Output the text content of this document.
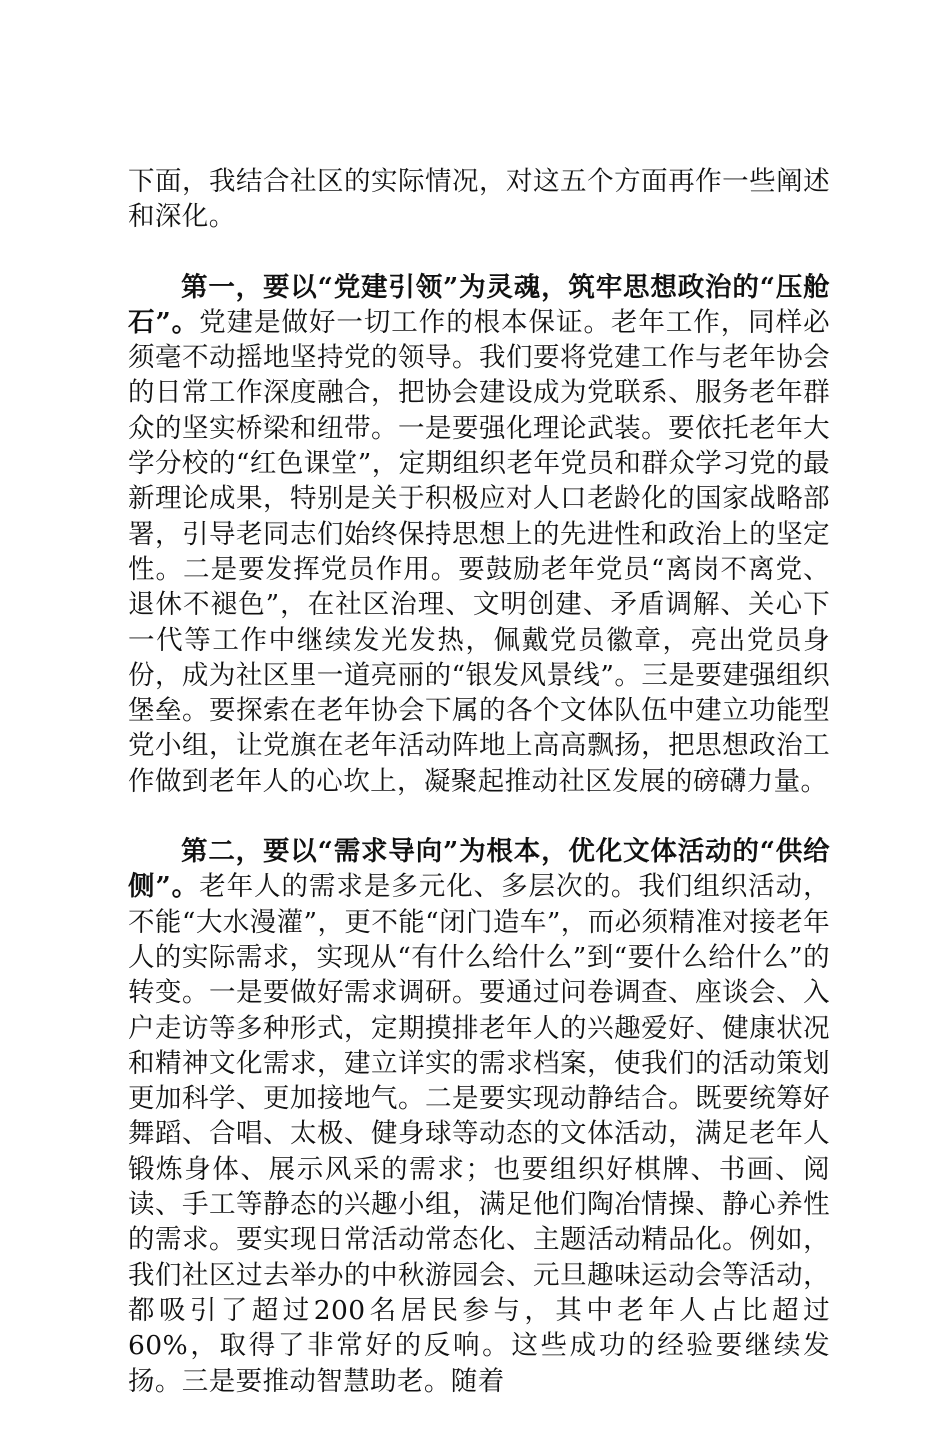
下面，我结合社区的实际情况，对这五个方面再作一些阐述和深化。

第一，要以“党建引领”为灵魂，筑牢思想政治的“压舱石”。党建是做好一切工作的根本保证。老年工作，同样必须毫不动摇地坚持党的领导。我们要将党建工作与老年协会的日常工作深度融合，把协会建设成为党联系、服务老年群众的坚实桥梁和纽带。一是要强化理论武装。要依托老年大学分校的“红色课堂”，定期组织老年党员和群众学习党的最新理论成果，特别是关于积极应对人口老龄化的国家战略部署，引导老同志们始终保持思想上的先进性和政治上的坚定性。二是要发挥党员作用。要鼓励老年党员“离岗不离党、退休不褪色”，在社区治理、文明创建、矛盾调解、关心下一代等工作中继续发光发热，佩戴党员徽章，亮出党员身份，成为社区里一道亮丽的“银发风景线”。三是要建强组织堡垒。要探索在老年协会下属的各个文体队伍中建立功能型党小组，让党旗在老年活动阵地上高高飘扬，把思想政治工作做到老年人的心坎上，凝聚起推动社区发展的磅礴力量。

第二，要以“需求导向”为根本，优化文体活动的“供给侧”。老年人的需求是多元化、多层次的。我们组织活动，不能“大水漫灌”，更不能“闭门造车”，而必须精准对接老年人的实际需求，实现从“有什么给什么”到“要什么给什么”的转变。一是要做好需求调研。要通过问卷调查、座谈会、入户走访等多种形式，定期摸排老年人的兴趣爱好、健康状况和精神文化需求，建立详实的需求档案，使我们的活动策划更加科学、更加接地气。二是要实现动静结合。既要统筹好舞蹈、合唱、太极、健身球等动态的文体活动，满足老年人锻炼身体、展示风采的需求；也要组织好棋牌、书画、阅读、手工等静态的兴趣小组，满足他们陶冶情操、静心养性的需求。要实现日常活动常态化、主题活动精品化。例如，我们社区过去举办的中秋游园会、元旦趣味运动会等活动，都吸引了超过200名居民参与，其中老年人占比超过60%，取得了非常好的反响。这些成功的经验要继续发扬。三是要推动智慧助老。随着
